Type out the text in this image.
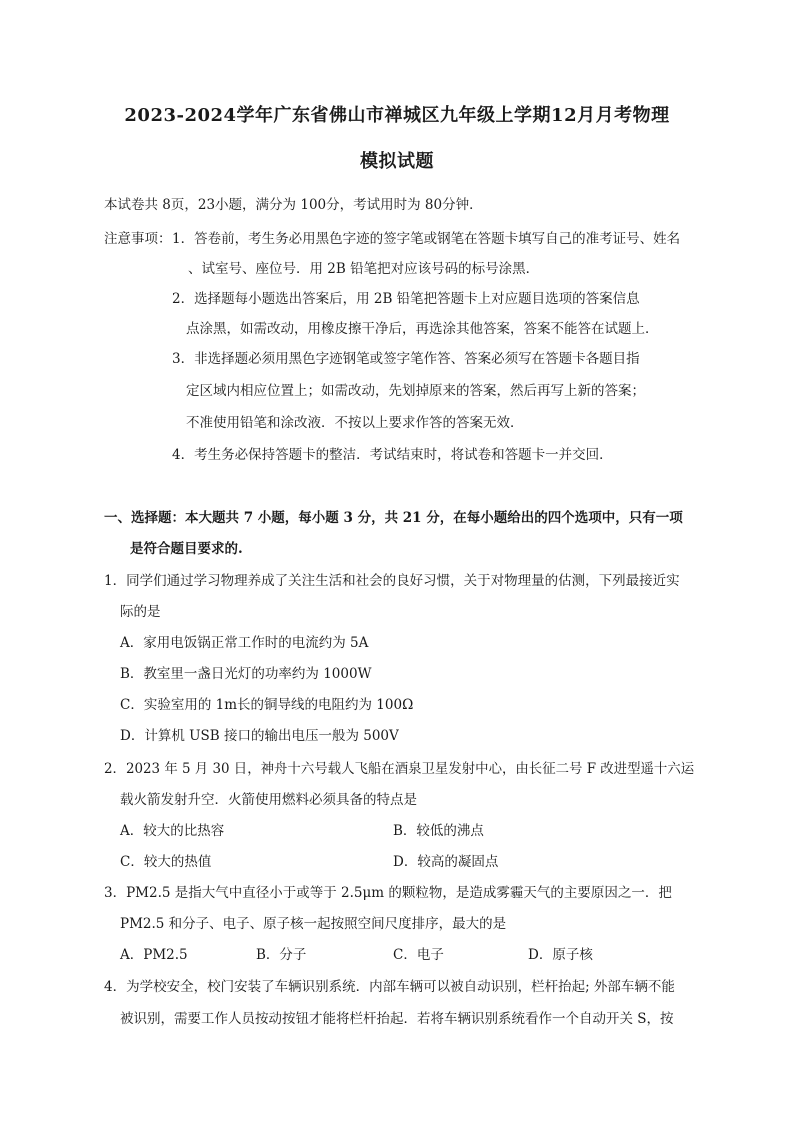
2023-2024学年广东省佛山市禅城区九年级上学期12月月考物理
模拟试题
本试卷共 8页，23小题，满分为 100分，考试用时为 80分钟．
注意事项： 1．答卷前，考生务必用黑色字迹的签字笔或钢笔在答题卡填写自己的准考证号、姓名
、试室号、座位号．用 2B 铅笔把对应该号码的标号涂黑．
2．选择题每小题选出答案后，用 2B 铅笔把答题卡上对应题目选项的答案信息
点涂黑，如需改动，用橡皮擦干净后，再选涂其他答案，答案不能答在试题上．
3．非选择题必须用黑色字迹钢笔或签字笔作答、答案必须写在答题卡各题目指
定区域内相应位置上；如需改动，先划掉原来的答案，然后再写上新的答案；
不准使用铅笔和涂改液．不按以上要求作答的答案无效．
4．考生务必保持答题卡的整洁．考试结束时，将试卷和答题卡一并交回．
一、选择题：本大题共 7 小题，每小题 3 分，共 21 分，在每小题给出的四个选项中，只有一项
是符合题目要求的.
1．同学们通过学习物理养成了关注生活和社会的良好习惯，关于对物理量的估测，下列最接近实
际的是
A．家用电饭锅正常工作时的电流约为 5A
B．教室里一盏日光灯的功率约为 1000W
C．实验室用的 1m长的铜导线的电阻约为 100Ω
D．计算机 USB 接口的输出电压一般为 500V
2．2023 年 5 月 30 日，神舟十六号载人飞船在酒泉卫星发射中心，由长征二号 F 改进型遥十六运
载火箭发射升空．火箭使用燃料必须具备的特点是
A．较大的比热容	B．较低的沸点
C．较大的热值	D．较高的凝固点
3．PM2.5 是指大气中直径小于或等于 2.5μm 的颗粒物，是造成雾霾天气的主要原因之一．把
PM2.5 和分子、电子、原子核一起按照空间尺度排序，最大的是
A．PM2.5	B．分子	C．电子	D．原子核
4．为学校安全，校门安装了车辆识别系统．内部车辆可以被自动识别，栏杆抬起; 外部车辆不能
被识别，需要工作人员按动按钮才能将栏杆抬起．若将车辆识别系统看作一个自动开关 S，按
